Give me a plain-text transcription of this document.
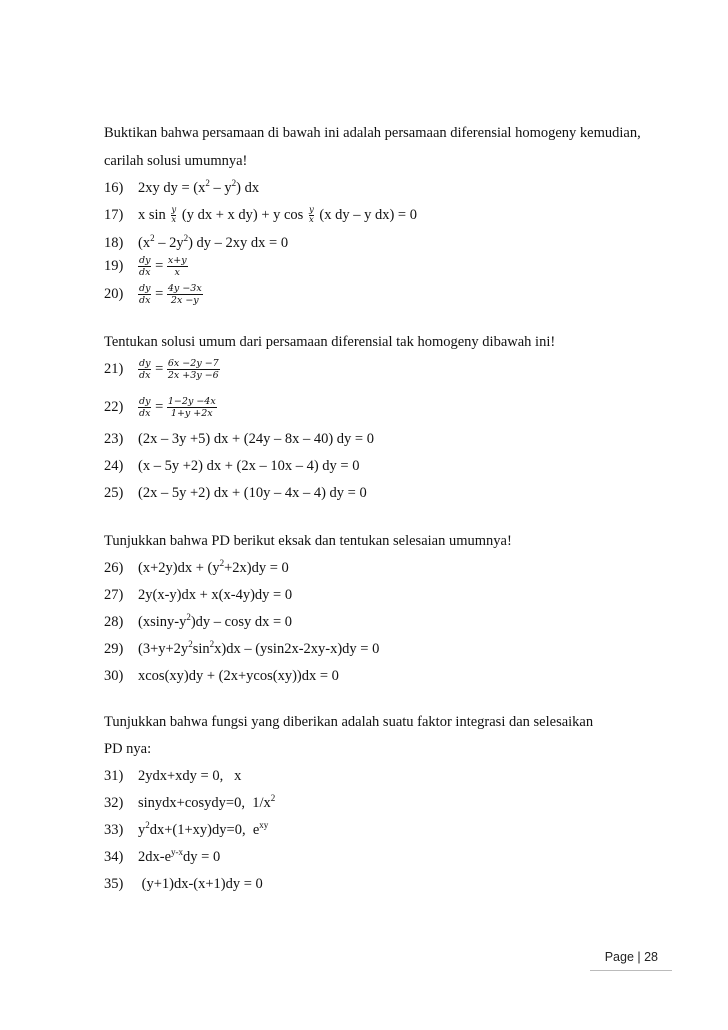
Buktikan bahwa persamaan di bawah ini adalah persamaan diferensial homogeny kemudian,
carilah solusi umumnya!
16)	2xy dy = $(x^2 - y^2)$ dx
17)	x $\sin \frac{y}{x} (y$ dx + x dy) + y $\cos \frac{y}{x} (x$ dy – y dx) = 0
18)	$(x^2 - 2y^2)$ dy – 2xy dx = 0
19)	$\frac{dy}{dx} = \frac{x+y}{x}$
20)	$\frac{dy}{dx} = \frac{4y -3x}{2x -y}$
Tentukan solusi umum dari persamaan diferensial tak homogeny dibawah ini!
21)	$\frac{dy}{dx} = \frac{6x -2y -7}{2x +3y -6}$
22)	$\frac{dy}{dx} = \frac{1-2y -4x}{1+y +2x}$
23)	(2x – 3y +5) dx + (24y – 8x – 40) dy = 0
24)	(x – 5y +2) dx + (2x – 10x – 4) dy = 0
25)	(2x – 5y +2) dx + (10y – 4x – 4) dy = 0
Tunjukkan bahwa PD berikut eksak dan tentukan selesaian umumnya!
26)	$(x+2y)dx + (y^2+2x)dy = 0$
27)	2y(x-y)dx + x(x-4y)dy = 0
28)	$(xsiny-y^2)dy$ – cosy dx = 0
29)	$(3+y+2y^2\sin^2x)dx - (ysin2x-2xy-x)dy = 0$
30)	xcos(xy)dy + (2x+ycos(xy))dx = 0
Tunjukkan bahwa fungsi yang diberikan adalah suatu faktor integrasi dan selesaikan
PD nya:
31)	2ydx+xdy = 0,   x
32)	sinydx+cosydy=0,  $1/x^2$
33)	$y^2dx+(1+xy)dy=0$,  $e^{xy}$
34)	$2dx-e^{y-x}dy = 0$
35)	(y+1)dx-(x+1)dy = 0
Page | 28
